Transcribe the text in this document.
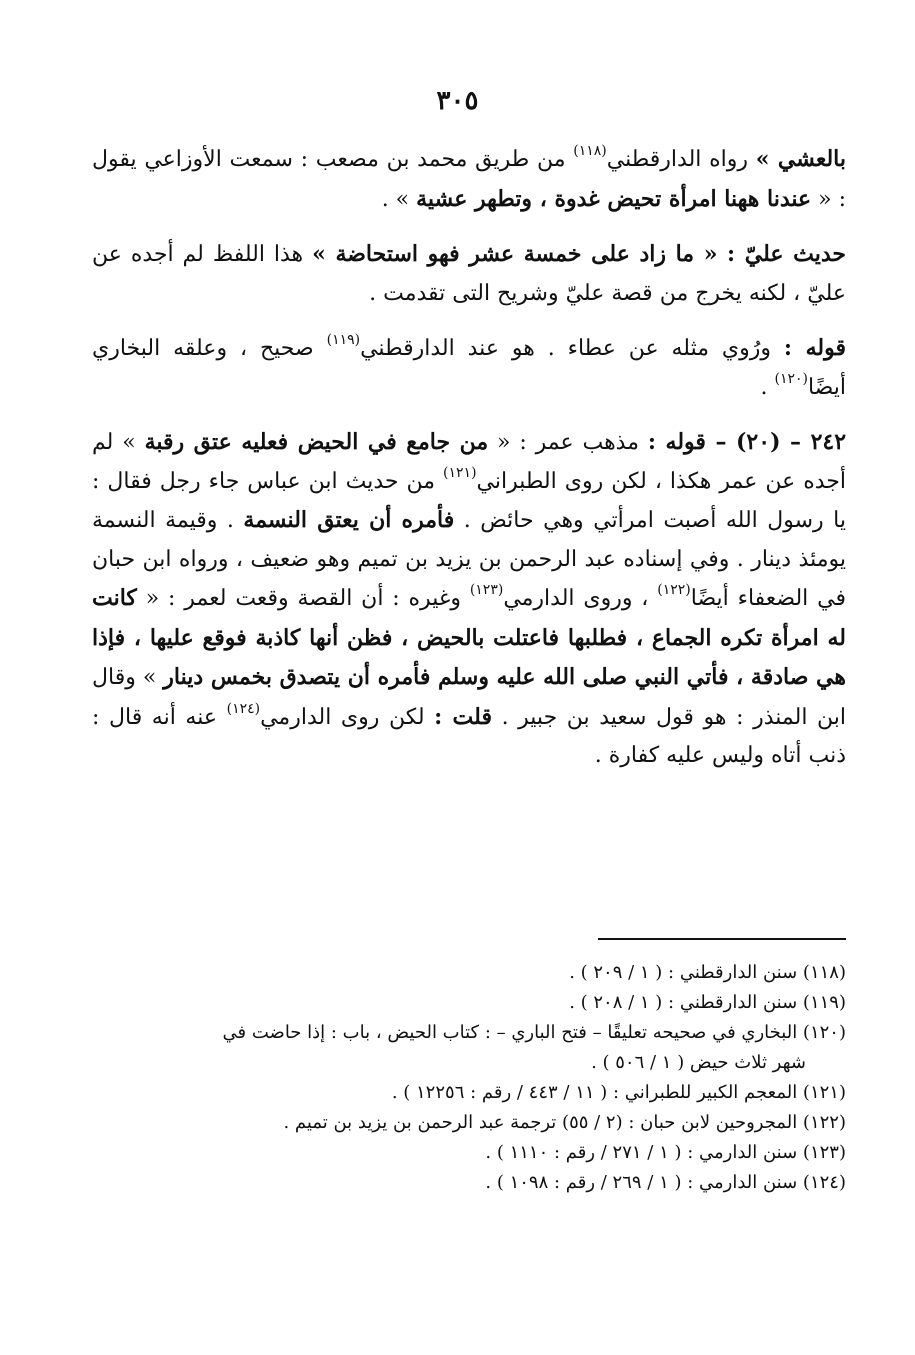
٣٠٥

بالعشي » رواه الدارقطني$^{(١١٨)}$ من طريق محمد بن مصعب : سمعت الأوزاعي يقول : « عندنا ههنا امرأة تحيض غدوة ، وتطهر عشية » .

حديث عليّ : « ما زاد على خمسة عشر فهو استحاضة » هذا اللفظ لم أجده عن عليّ ، لكنه يخرج من قصة عليّ وشريح التى تقدمت .

قوله : ورُوي مثله عن عطاء . هو عند الدارقطني$^{(١١٩)}$ صحيح ، وعلقه البخاري أيضًا$^{(١٢٠)}$ .

٢٤٢ – (٢٠) – قوله : مذهب عمر : « من جامع في الحيض فعليه عتق رقبة » لم أجده عن عمر هكذا ، لكن روى الطبراني$^{(١٢١)}$ من حديث ابن عباس جاء رجل فقال : يا رسول الله أصبت امرأتي وهي حائض . فأمره أن يعتق النسمة . وقيمة النسمة يومئذ دينار . وفي إسناده عبد الرحمن بن يزيد بن تميم وهو ضعيف ، ورواه ابن حبان في الضعفاء أيضًا$^{(١٢٢)}$ ، وروى الدارمي$^{(١٢٣)}$ وغيره : أن القصة وقعت لعمر : « كانت له امرأة تكره الجماع ، فطلبها فاعتلت بالحيض ، فظن أنها كاذبة فوقع عليها ، فإذا هي صادقة ، فأتي النبي صلى الله عليه وسلم فأمره أن يتصدق بخمس دينار » وقال ابن المنذر : هو قول سعيد بن جبير . قلت : لكن روى الدارمي$^{(١٢٤)}$ عنه أنه قال : ذنب أتاه وليس عليه كفارة .

(١١٨) سنن الدارقطني : ( ١ / ٢٠٩ ) .

(١١٩) سنن الدارقطني : ( ١ / ٢٠٨ ) .

(١٢٠) البخاري في صحيحه تعليقًا – فتح الباري – : كتاب الحيض ، باب : إذا حاضت في

شهر ثلاث حيض ( ١ / ٥٠٦ ) .

(١٢١) المعجم الكبير للطبراني : ( ١١ / ٤٤٣ / رقم : ١٢٢٥٦ ) .

(١٢٢) المجروحين لابن حبان : (٢ / ٥٥) ترجمة عبد الرحمن بن يزيد بن تميم .

(١٢٣) سنن الدارمي : ( ١ / ٢٧١ / رقم : ١١١٠ ) .

(١٢٤) سنن الدارمي : ( ١ / ٢٦٩ / رقم : ١٠٩٨ ) .
